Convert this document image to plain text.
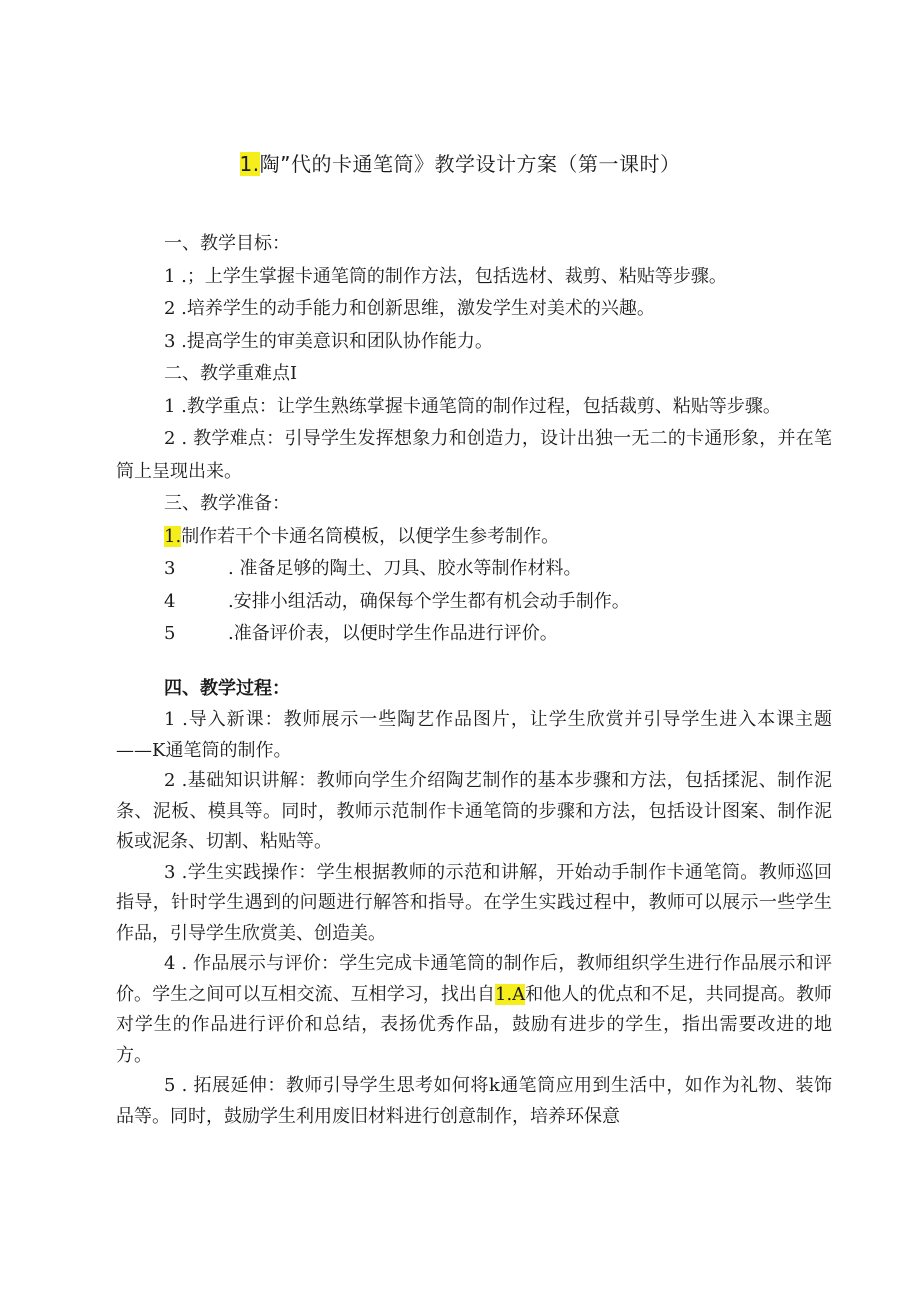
1.陶”代的卡通笔筒》教学设计方案（第一课时）
一、教学目标：
1 .；上学生掌握卡通笔筒的制作方法，包括选材、裁剪、粘贴等步骤。
2 .培养学生的动手能力和创新思维，激发学生对美术的兴趣。
3 .提高学生的审美意识和团队协作能力。
二、教学重难点I
1 .教学重点：让学生熟练掌握卡通笔筒的制作过程，包括裁剪、粘贴等步骤。
2 . 教学难点：引导学生发挥想象力和创造力，设计出独一无二的卡通形象，并在笔筒上呈现出来。
三、教学准备：
1.制作若干个卡通名筒模板，以便学生参考制作。
3	. 准备足够的陶土、刀具、胶水等制作材料。
4	.安排小组活动，确保每个学生都有机会动手制作。
5	.准备评价表，以便时学生作品进行评价。
四、教学过程：
1 .导入新课：教师展示一些陶艺作品图片，让学生欣赏并引导学生进入本课主题——K通笔筒的制作。
2 .基础知识讲解：教师向学生介绍陶艺制作的基本步骤和方法，包括揉泥、制作泥条、泥板、模具等。同时，教师示范制作卡通笔筒的步骤和方法，包括设计图案、制作泥板或泥条、切割、粘贴等。
3 .学生实践操作：学生根据教师的示范和讲解，开始动手制作卡通笔筒。教师巡回指导，针时学生遇到的问题进行解答和指导。在学生实践过程中，教师可以展示一些学生作品，引导学生欣赏美、创造美。
4 . 作品展示与评价：学生完成卡通笔筒的制作后，教师组织学生进行作品展示和评价。学生之间可以互相交流、互相学习，找出自1.A和他人的优点和不足，共同提高。教师对学生的作品进行评价和总结，表扬优秀作品，鼓励有进步的学生，指出需要改进的地方。
5 . 拓展延伸：教师引导学生思考如何将k通笔筒应用到生活中，如作为礼物、装饰品等。同时，鼓励学生利用废旧材料进行创意制作，培养环保意
